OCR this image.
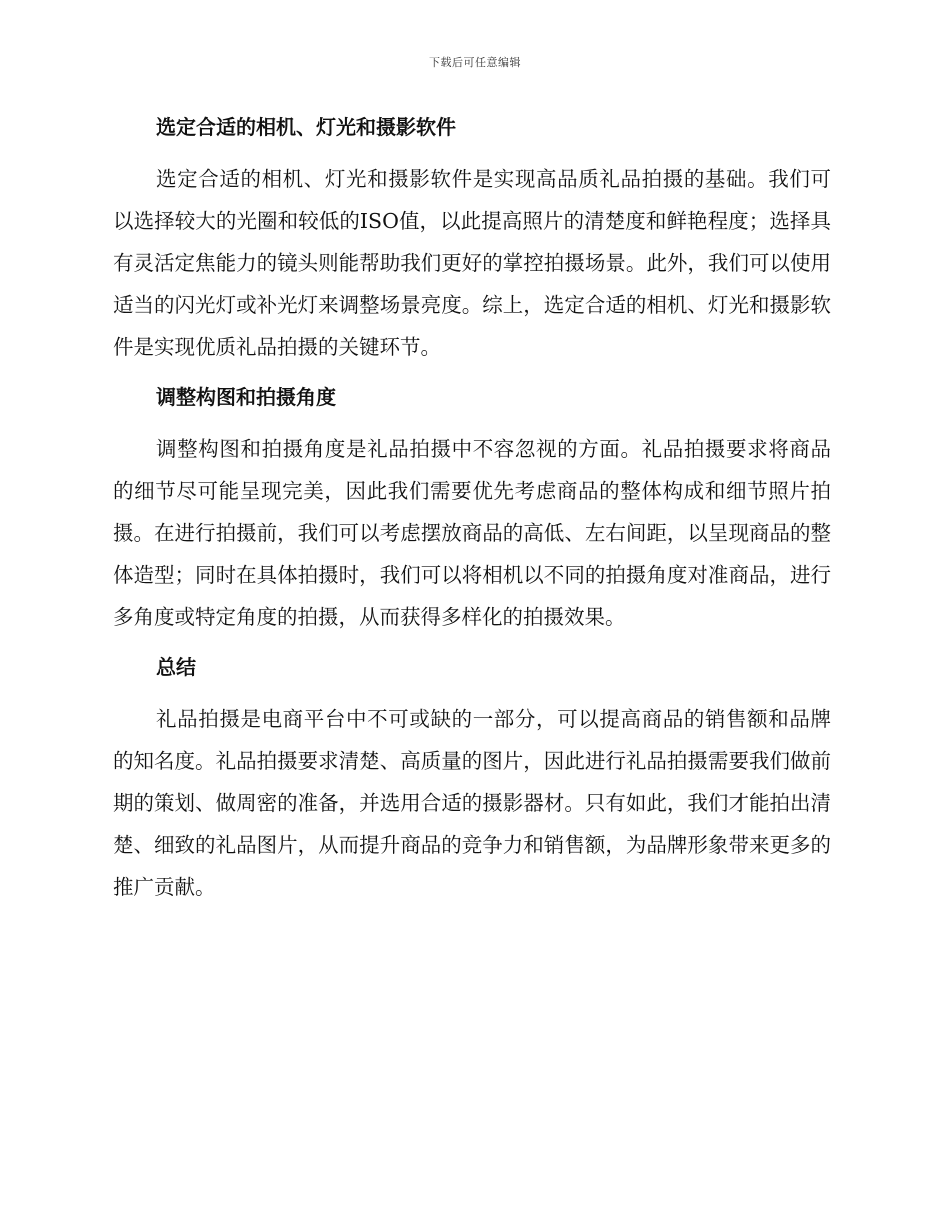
下载后可任意编辑
选定合适的相机、灯光和摄影软件

选定合适的相机、灯光和摄影软件是实现高品质礼品拍摄的基础。我们可以选择较大的光圈和较低的ISO值，以此提高照片的清楚度和鲜艳程度；选择具有灵活定焦能力的镜头则能帮助我们更好的掌控拍摄场景。此外，我们可以使用适当的闪光灯或补光灯来调整场景亮度。综上，选定合适的相机、灯光和摄影软件是实现优质礼品拍摄的关键环节。

调整构图和拍摄角度

调整构图和拍摄角度是礼品拍摄中不容忽视的方面。礼品拍摄要求将商品的细节尽可能呈现完美，因此我们需要优先考虑商品的整体构成和细节照片拍摄。在进行拍摄前，我们可以考虑摆放商品的高低、左右间距，以呈现商品的整体造型；同时在具体拍摄时，我们可以将相机以不同的拍摄角度对准商品，进行多角度或特定角度的拍摄，从而获得多样化的拍摄效果。

总结

礼品拍摄是电商平台中不可或缺的一部分，可以提高商品的销售额和品牌的知名度。礼品拍摄要求清楚、高质量的图片，因此进行礼品拍摄需要我们做前期的策划、做周密的准备，并选用合适的摄影器材。只有如此，我们才能拍出清楚、细致的礼品图片，从而提升商品的竞争力和销售额，为品牌形象带来更多的推广贡献。
